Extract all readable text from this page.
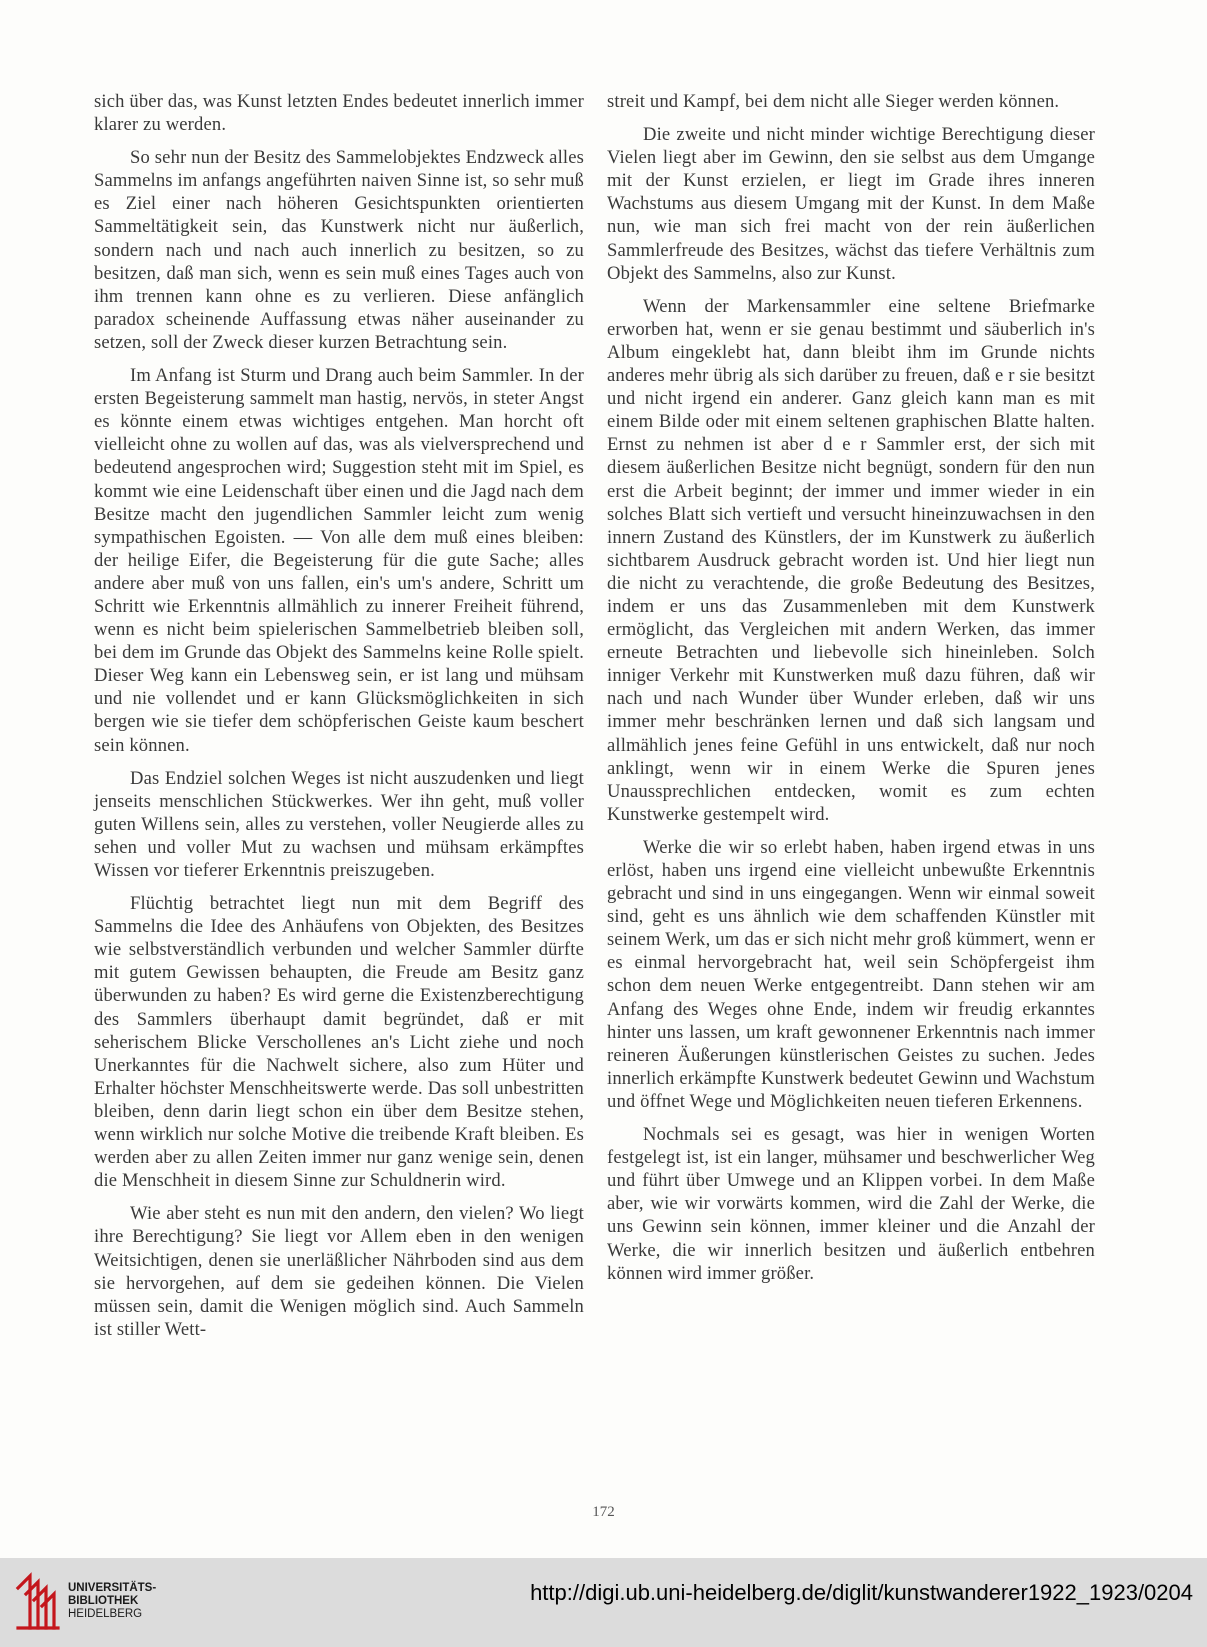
sich über das, was Kunst letzten Endes bedeutet innerlich immer klarer zu werden.

So sehr nun der Besitz des Sammelobjektes Endzweck alles Sammelns im anfangs angeführten naiven Sinne ist, so sehr muß es Ziel einer nach höheren Gesichtspunkten orientierten Sammeltätigkeit sein, das Kunstwerk nicht nur äußerlich, sondern nach und nach auch innerlich zu besitzen, so zu besitzen, daß man sich, wenn es sein muß eines Tages auch von ihm trennen kann ohne es zu verlieren. Diese anfänglich paradox scheinende Auffassung etwas näher auseinander zu setzen, soll der Zweck dieser kurzen Betrachtung sein.

Im Anfang ist Sturm und Drang auch beim Sammler. In der ersten Begeisterung sammelt man hastig, nervös, in steter Angst es könnte einem etwas wichtiges entgehen. Man horcht oft vielleicht ohne zu wollen auf das, was als vielversprechend und bedeutend angesprochen wird; Suggestion steht mit im Spiel, es kommt wie eine Leidenschaft über einen und die Jagd nach dem Besitze macht den jugendlichen Sammler leicht zum wenig sympathischen Egoisten. — Von alle dem muß eines bleiben: der heilige Eifer, die Begeisterung für die gute Sache; alles andere aber muß von uns fallen, ein's um's andere, Schritt um Schritt wie Erkenntnis allmählich zu innerer Freiheit führend, wenn es nicht beim spielerischen Sammelbetrieb bleiben soll, bei dem im Grunde das Objekt des Sammelns keine Rolle spielt. Dieser Weg kann ein Lebensweg sein, er ist lang und mühsam und nie vollendet und er kann Glücksmöglichkeiten in sich bergen wie sie tiefer dem schöpferischen Geiste kaum beschert sein können.

Das Endziel solchen Weges ist nicht auszudenken und liegt jenseits menschlichen Stückwerkes. Wer ihn geht, muß voller guten Willens sein, alles zu verstehen, voller Neugierde alles zu sehen und voller Mut zu wachsen und mühsam erkämpftes Wissen vor tieferer Erkenntnis preiszugeben.

Flüchtig betrachtet liegt nun mit dem Begriff des Sammelns die Idee des Anhäufens von Objekten, des Besitzes wie selbstverständlich verbunden und welcher Sammler dürfte mit gutem Gewissen behaupten, die Freude am Besitz ganz überwunden zu haben? Es wird gerne die Existenzberechtigung des Sammlers überhaupt damit begründet, daß er mit seherischem Blicke Verschollenes an's Licht ziehe und noch Unerkanntes für die Nachwelt sichere, also zum Hüter und Erhalter höchster Menschheitswerte werde. Das soll unbestritten bleiben, denn darin liegt schon ein über dem Besitze stehen, wenn wirklich nur solche Motive die treibende Kraft bleiben. Es werden aber zu allen Zeiten immer nur ganz wenige sein, denen die Menschheit in diesem Sinne zur Schuldnerin wird.

Wie aber steht es nun mit den andern, den vielen? Wo liegt ihre Berechtigung? Sie liegt vor Allem eben in den wenigen Weitsichtigen, denen sie unerläßlicher Nährboden sind aus dem sie hervorgehen, auf dem sie gedeihen können. Die Vielen müssen sein, damit die Wenigen möglich sind. Auch Sammeln ist stiller Wett-

streit und Kampf, bei dem nicht alle Sieger werden können.

Die zweite und nicht minder wichtige Berechtigung dieser Vielen liegt aber im Gewinn, den sie selbst aus dem Umgange mit der Kunst erzielen, er liegt im Grade ihres inneren Wachstums aus diesem Umgang mit der Kunst. In dem Maße nun, wie man sich frei macht von der rein äußerlichen Sammlerfreude des Besitzes, wächst das tiefere Verhältnis zum Objekt des Sammelns, also zur Kunst.

Wenn der Markensammler eine seltene Briefmarke erworben hat, wenn er sie genau bestimmt und säuberlich in's Album eingeklebt hat, dann bleibt ihm im Grunde nichts anderes mehr übrig als sich darüber zu freuen, daß e r sie besitzt und nicht irgend ein anderer. Ganz gleich kann man es mit einem Bilde oder mit einem seltenen graphischen Blatte halten. Ernst zu nehmen ist aber d e r Sammler erst, der sich mit diesem äußerlichen Besitze nicht begnügt, sondern für den nun erst die Arbeit beginnt; der immer und immer wieder in ein solches Blatt sich vertieft und versucht hineinzuwachsen in den innern Zustand des Künstlers, der im Kunstwerk zu äußerlich sichtbarem Ausdruck gebracht worden ist. Und hier liegt nun die nicht zu verachtende, die große Bedeutung des Besitzes, indem er uns das Zusammenleben mit dem Kunstwerk ermöglicht, das Vergleichen mit andern Werken, das immer erneute Betrachten und liebevolle sich hineinleben. Solch inniger Verkehr mit Kunstwerken muß dazu führen, daß wir nach und nach Wunder über Wunder erleben, daß wir uns immer mehr beschränken lernen und daß sich langsam und allmählich jenes feine Gefühl in uns entwickelt, daß nur noch anklingt, wenn wir in einem Werke die Spuren jenes Unaussprechlichen entdecken, womit es zum echten Kunstwerke gestempelt wird.

Werke die wir so erlebt haben, haben irgend etwas in uns erlöst, haben uns irgend eine vielleicht unbewußte Erkenntnis gebracht und sind in uns eingegangen. Wenn wir einmal soweit sind, geht es uns ähnlich wie dem schaffenden Künstler mit seinem Werk, um das er sich nicht mehr groß kümmert, wenn er es einmal hervorgebracht hat, weil sein Schöpfergeist ihm schon dem neuen Werke entgegentreibt. Dann stehen wir am Anfang des Weges ohne Ende, indem wir freudig erkanntes hinter uns lassen, um kraft gewonnener Erkenntnis nach immer reineren Äußerungen künstlerischen Geistes zu suchen. Jedes innerlich erkämpfte Kunstwerk bedeutet Gewinn und Wachstum und öffnet Wege und Möglichkeiten neuen tieferen Erkennens.

Nochmals sei es gesagt, was hier in wenigen Worten festgelegt ist, ist ein langer, mühsamer und beschwerlicher Weg und führt über Umwege und an Klippen vorbei. In dem Maße aber, wie wir vorwärts kommen, wird die Zahl der Werke, die uns Gewinn sein können, immer kleiner und die Anzahl der Werke, die wir innerlich besitzen und äußerlich entbehren können wird immer größer.

172
UNIVERSITÄTS-
BIBLIOTHEK
HEIDELBERG
http://digi.ub.uni-heidelberg.de/diglit/kunstwanderer1922_1923/0204
